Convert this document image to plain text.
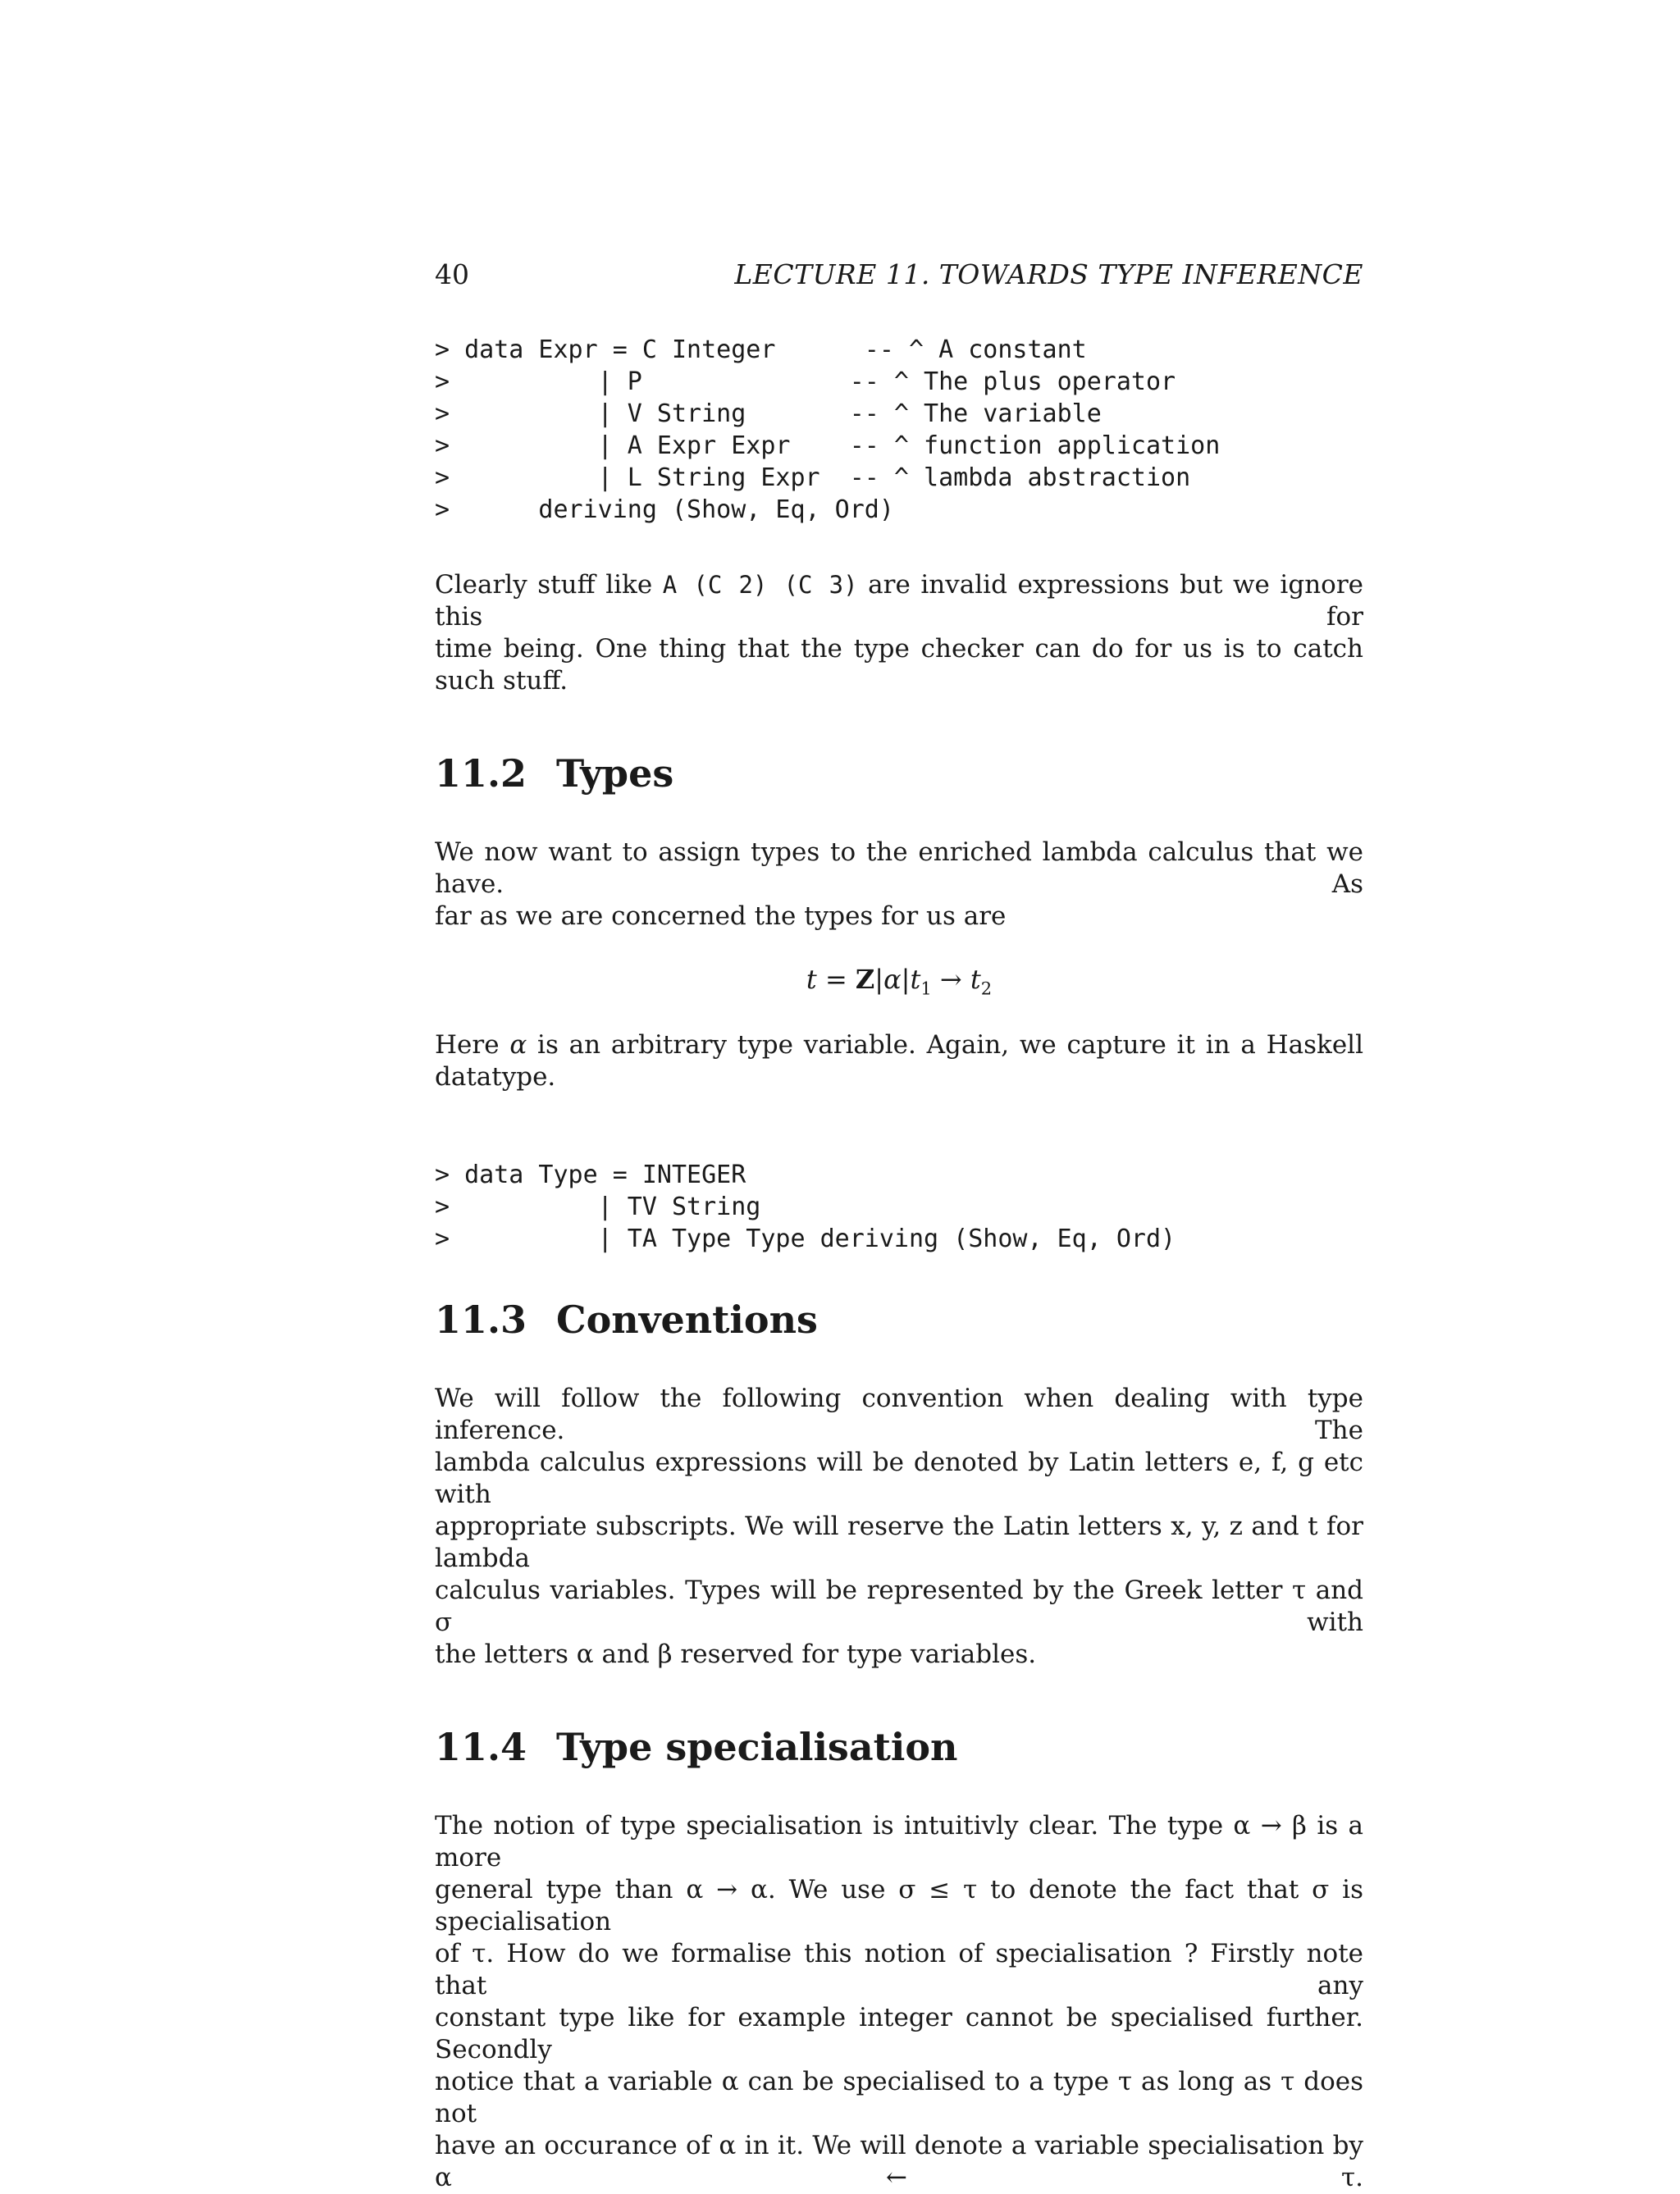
40	LECTURE 11. TOWARDS TYPE INFERENCE
> data Expr = C Integer      -- ^ A constant
>          | P              -- ^ The plus operator
>          | V String       -- ^ The variable
>          | A Expr Expr    -- ^ function application
>          | L String Expr  -- ^ lambda abstraction
>      deriving (Show, Eq, Ord)
Clearly stuff like A (C 2) (C 3) are invalid expressions but we ignore this for
time being. One thing that the type checker can do for us is to catch such stuff.
11.2 Types
We now want to assign types to the enriched lambda calculus that we have. As
far as we are concerned the types for us are
$t = Z|\alpha|t_1 \to t_2$
Here α is an arbitrary type variable. Again, we capture it in a Haskell datatype.
> data Type = INTEGER
>          | TV String
>          | TA Type Type deriving (Show, Eq, Ord)
11.3 Conventions
We will follow the following convention when dealing with type inference. The
lambda calculus expressions will be denoted by Latin letters e, f, g etc with
appropriate subscripts. We will reserve the Latin letters x, y, z and t for lambda
calculus variables. Types will be represented by the Greek letter τ and σ with
the letters α and β reserved for type variables.
11.4 Type specialisation
The notion of type specialisation is intuitivly clear. The type α → β is a more
general type than α → α. We use σ ≤ τ to denote the fact that σ is specialisation
of τ. How do we formalise this notion of specialisation ? Firstly note that any
constant type like for example integer cannot be specialised further. Secondly
notice that a variable α can be specialised to a type τ as long as τ does not
have an occurance of α in it. We will denote a variable specialisation by α ← τ.
